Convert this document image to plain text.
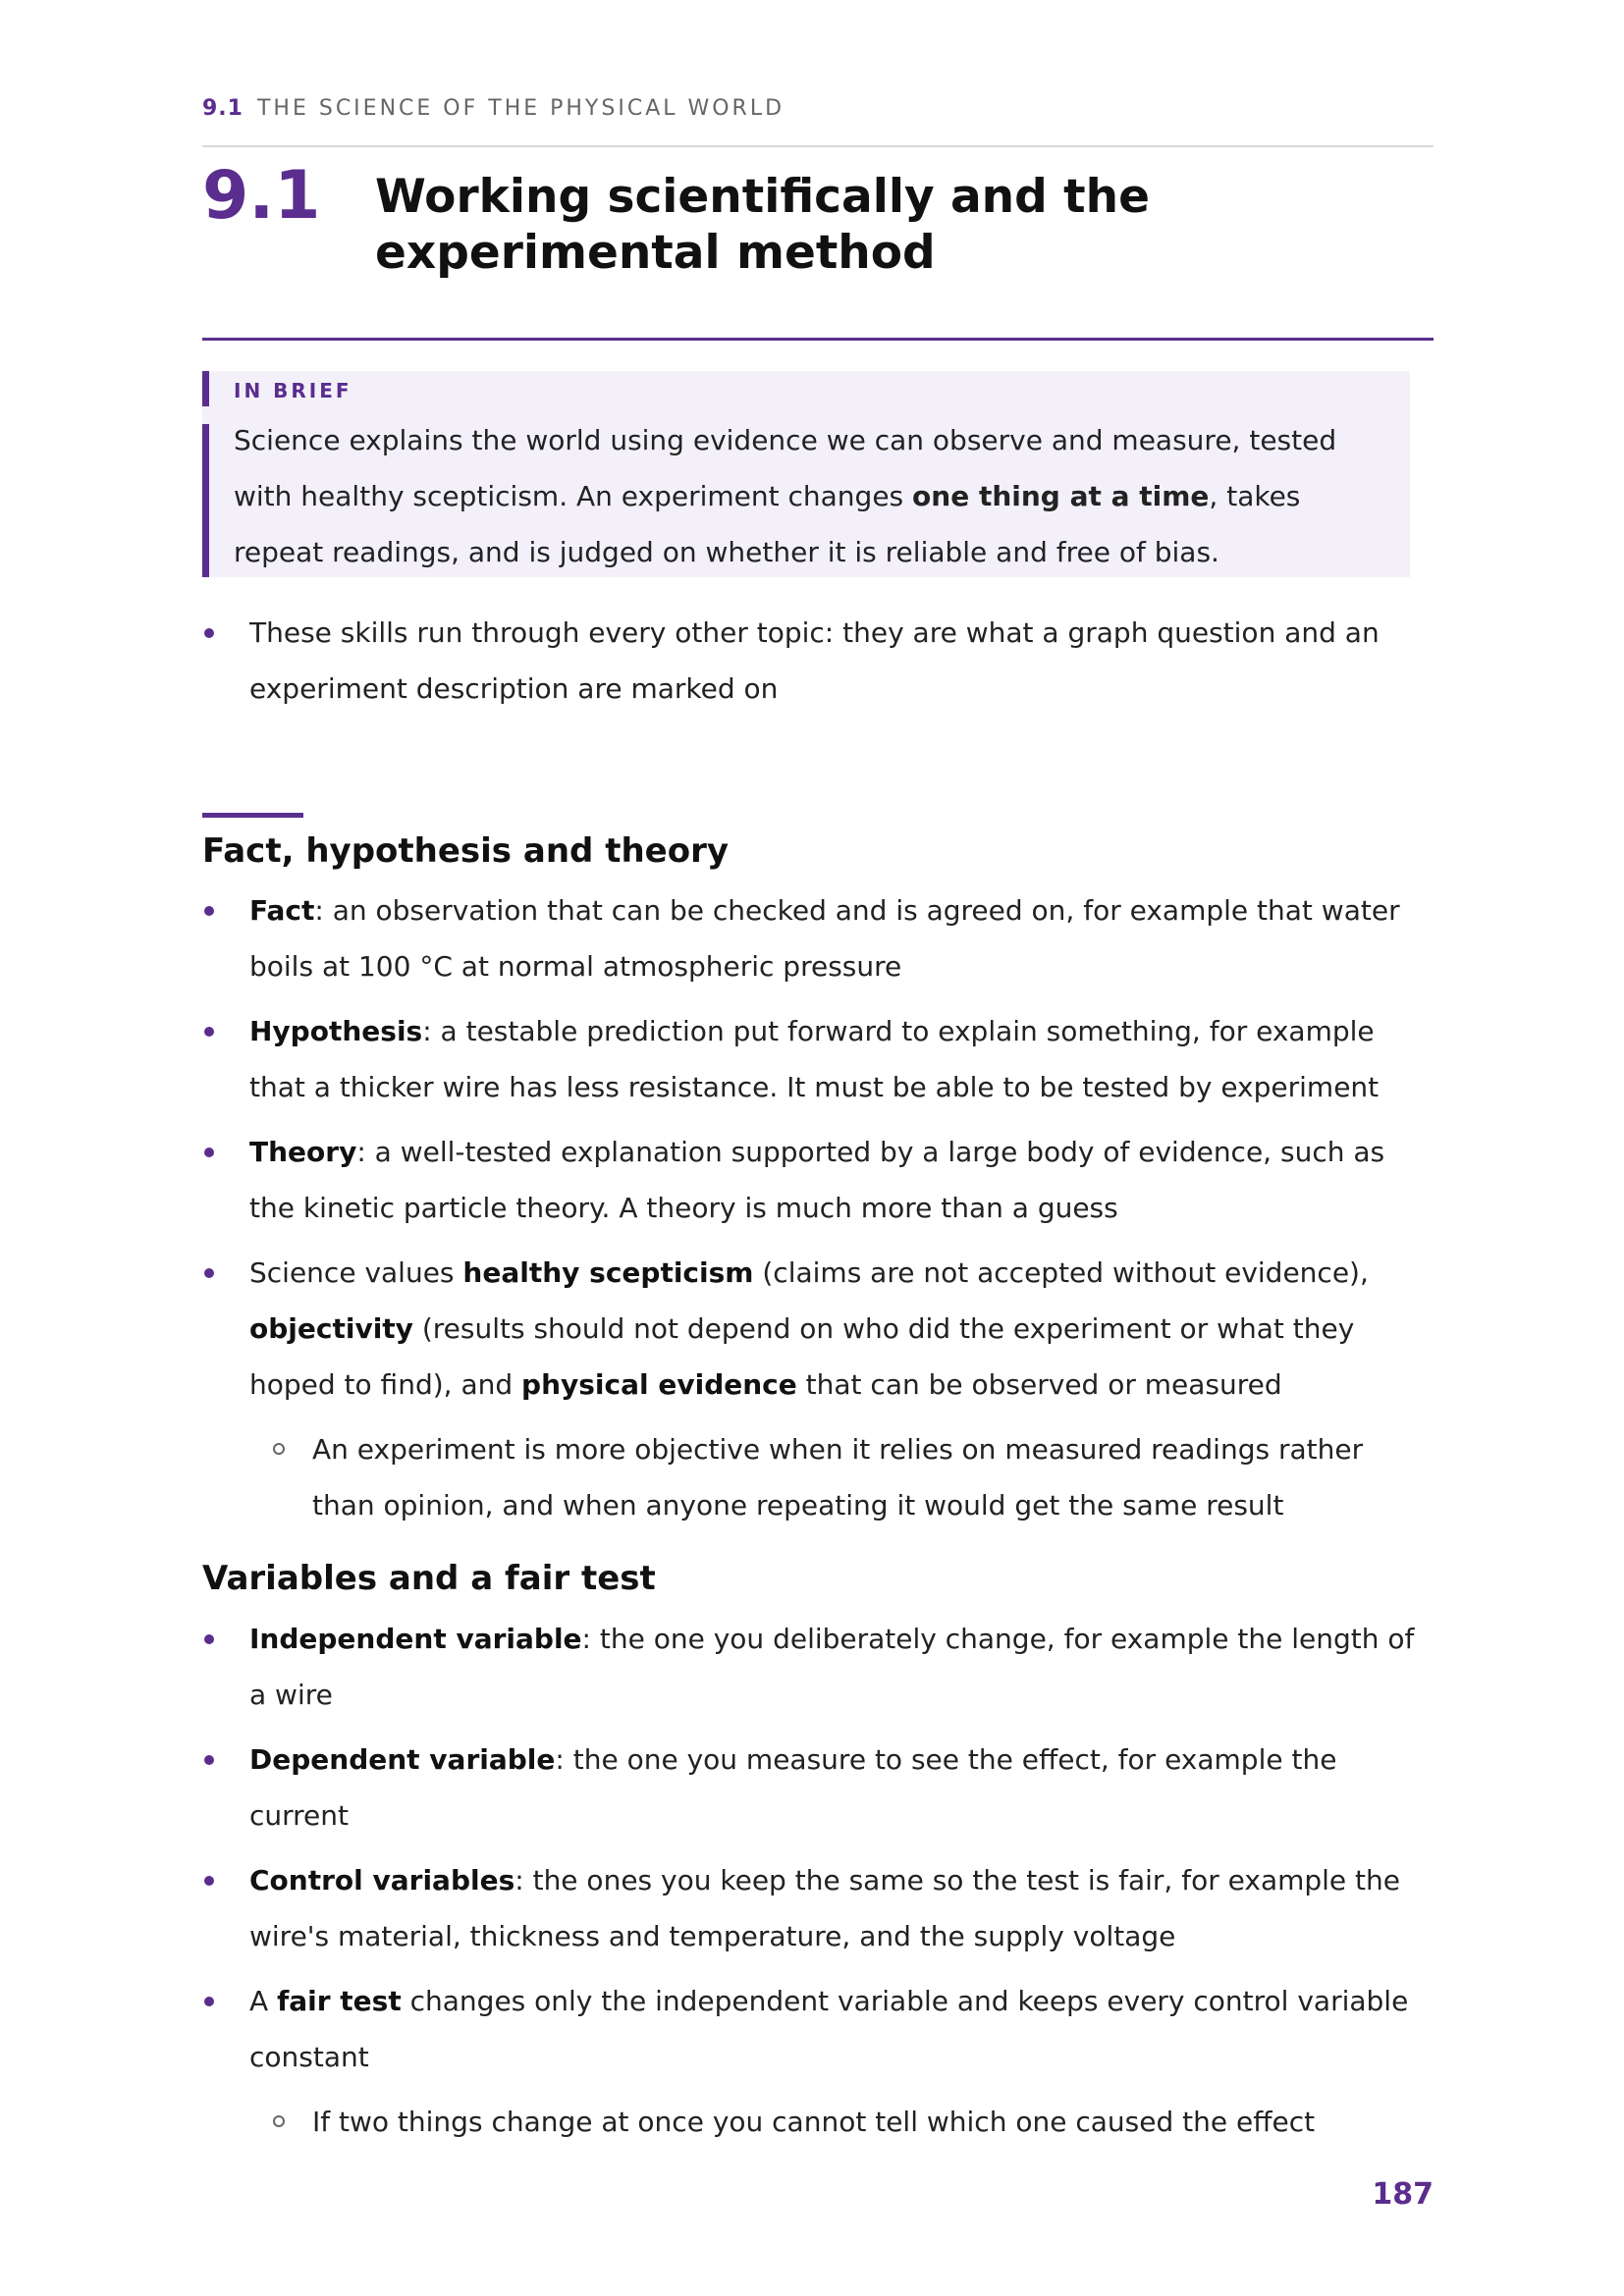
9.1 THE SCIENCE OF THE PHYSICAL WORLD
9.1 Working scientifically and the experimental method
IN BRIEF
Science explains the world using evidence we can observe and measure, tested with healthy scepticism. An experiment changes one thing at a time, takes repeat readings, and is judged on whether it is reliable and free of bias.
These skills run through every other topic: they are what a graph question and an experiment description are marked on
Fact, hypothesis and theory
Fact: an observation that can be checked and is agreed on, for example that water boils at 100 °C at normal atmospheric pressure
Hypothesis: a testable prediction put forward to explain something, for example that a thicker wire has less resistance. It must be able to be tested by experiment
Theory: a well-tested explanation supported by a large body of evidence, such as the kinetic particle theory. A theory is much more than a guess
Science values healthy scepticism (claims are not accepted without evidence), objectivity (results should not depend on who did the experiment or what they hoped to find), and physical evidence that can be observed or measured
An experiment is more objective when it relies on measured readings rather than opinion, and when anyone repeating it would get the same result
Variables and a fair test
Independent variable: the one you deliberately change, for example the length of a wire
Dependent variable: the one you measure to see the effect, for example the current
Control variables: the ones you keep the same so the test is fair, for example the wire's material, thickness and temperature, and the supply voltage
A fair test changes only the independent variable and keeps every control variable constant
If two things change at once you cannot tell which one caused the effect
187
